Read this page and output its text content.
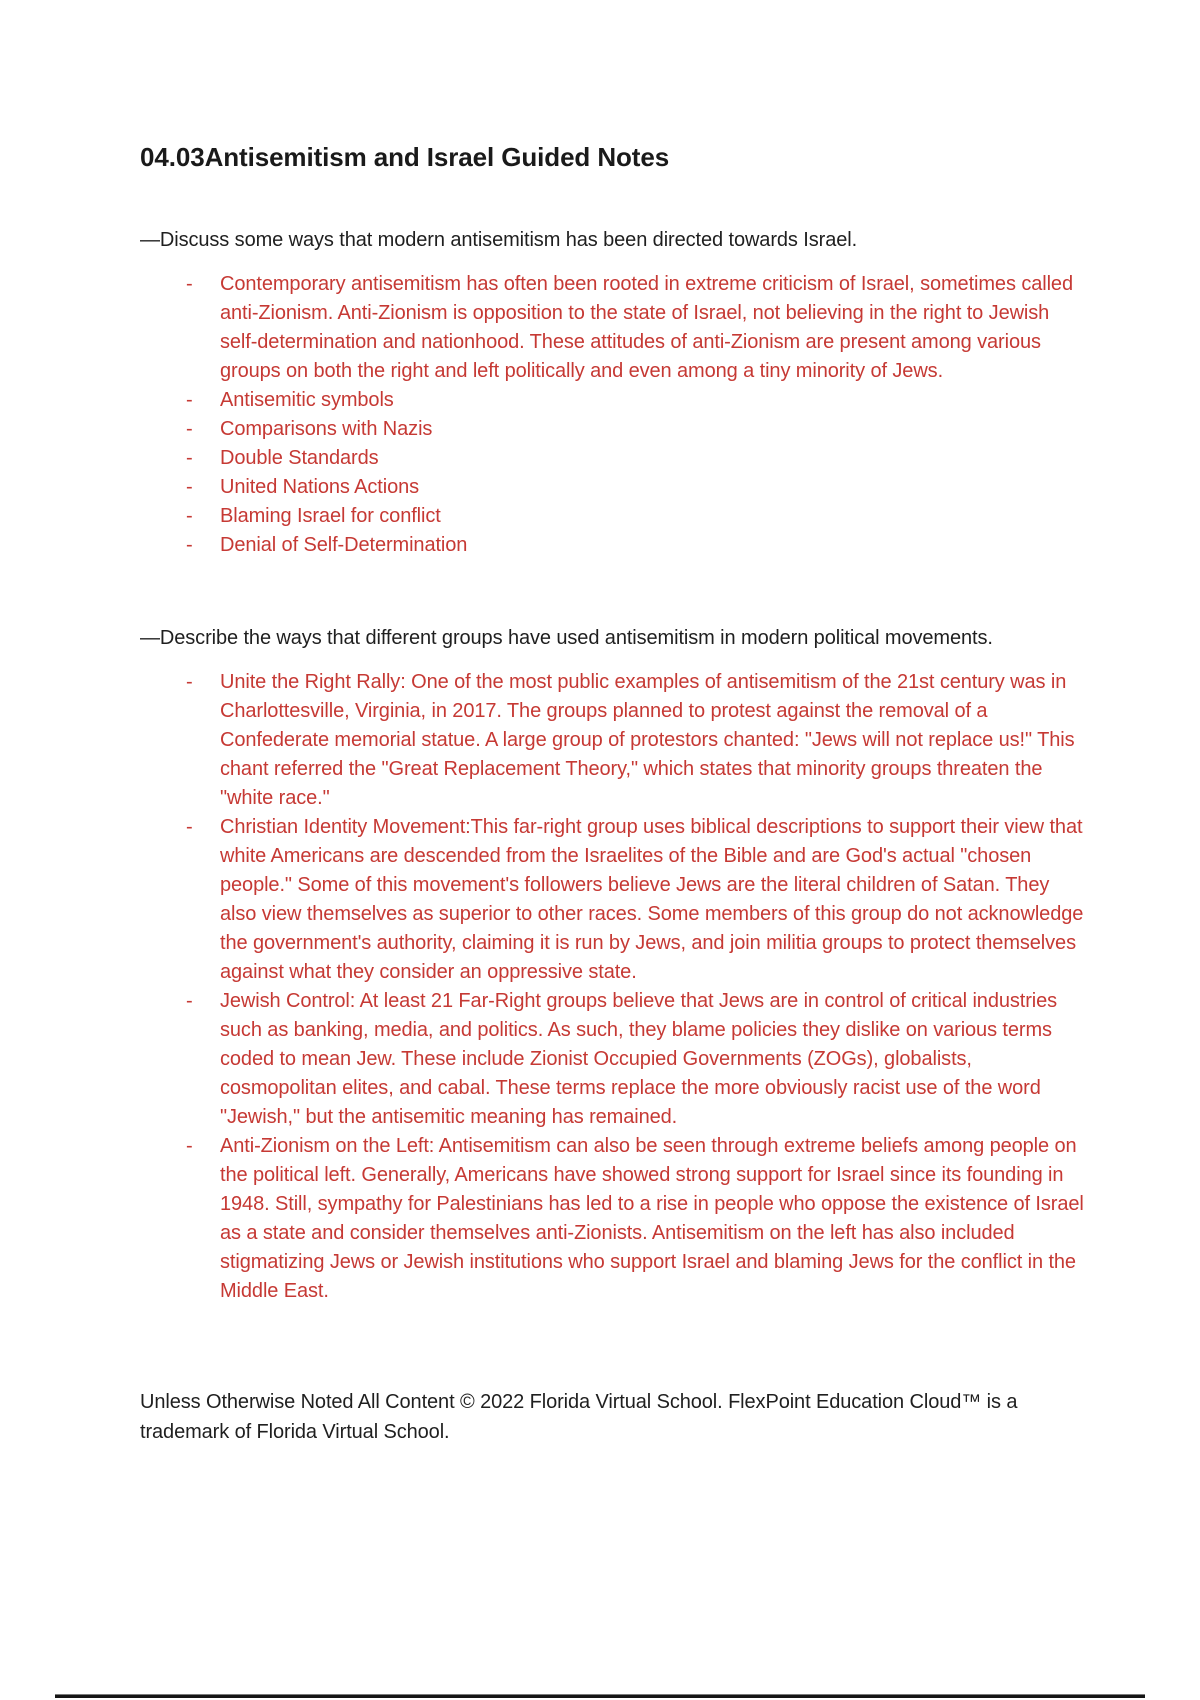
04.03Antisemitism and Israel Guided Notes

—Discuss some ways that modern antisemitism has been directed towards Israel.

- Contemporary antisemitism has often been rooted in extreme criticism of Israel, sometimes called anti-Zionism. Anti-Zionism is opposition to the state of Israel, not believing in the right to Jewish self-determination and nationhood. These attitudes of anti-Zionism are present among various groups on both the right and left politically and even among a tiny minority of Jews.
- Antisemitic symbols
- Comparisons with Nazis
- Double Standards
- United Nations Actions
- Blaming Israel for conflict
- Denial of Self-Determination

—Describe the ways that different groups have used antisemitism in modern political movements.

- Unite the Right Rally: One of the most public examples of antisemitism of the 21st century was in Charlottesville, Virginia, in 2017. The groups planned to protest against the removal of a Confederate memorial statue. A large group of protestors chanted: "Jews will not replace us!" This chant referred the "Great Replacement Theory," which states that minority groups threaten the "white race."
- Christian Identity Movement:This far-right group uses biblical descriptions to support their view that white Americans are descended from the Israelites of the Bible and are God's actual "chosen people." Some of this movement's followers believe Jews are the literal children of Satan. They also view themselves as superior to other races. Some members of this group do not acknowledge the government's authority, claiming it is run by Jews, and join militia groups to protect themselves against what they consider an oppressive state.
- Jewish Control: At least 21 Far-Right groups believe that Jews are in control of critical industries such as banking, media, and politics. As such, they blame policies they dislike on various terms coded to mean Jew. These include Zionist Occupied Governments (ZOGs), globalists, cosmopolitan elites, and cabal. These terms replace the more obviously racist use of the word "Jewish," but the antisemitic meaning has remained.
- Anti-Zionism on the Left: Antisemitism can also be seen through extreme beliefs among people on the political left. Generally, Americans have showed strong support for Israel since its founding in 1948. Still, sympathy for Palestinians has led to a rise in people who oppose the existence of Israel as a state and consider themselves anti-Zionists. Antisemitism on the left has also included stigmatizing Jews or Jewish institutions who support Israel and blaming Jews for the conflict in the Middle East.

Unless Otherwise Noted All Content © 2022 Florida Virtual School. FlexPoint Education Cloud™ is a trademark of Florida Virtual School.
